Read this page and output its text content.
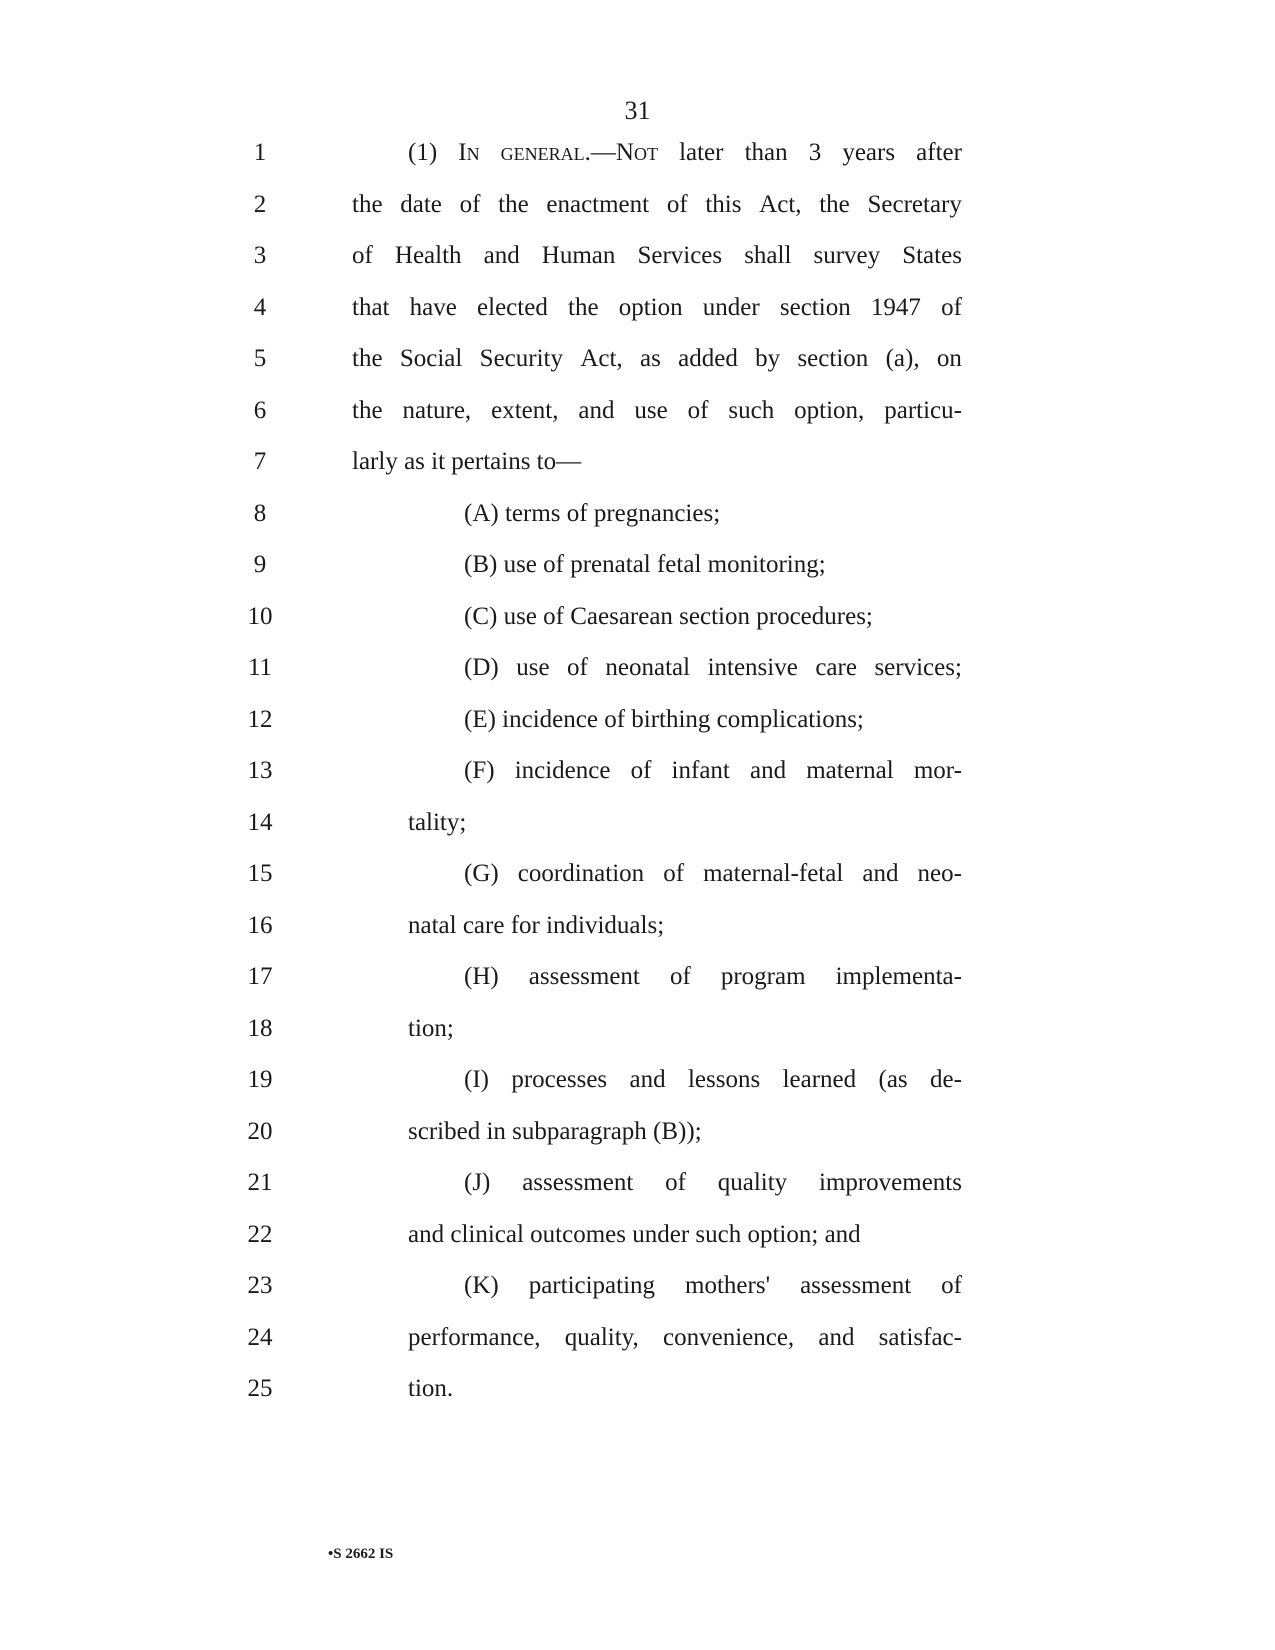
31
1	(1) In general.—Not later than 3 years after
2	the date of the enactment of this Act, the Secretary
3	of Health and Human Services shall survey States
4	that have elected the option under section 1947 of
5	the Social Security Act, as added by section (a), on
6	the nature, extent, and use of such option, particu-
7	larly as it pertains to—
8	(A) terms of pregnancies;
9	(B) use of prenatal fetal monitoring;
10	(C) use of Caesarean section procedures;
11	(D) use of neonatal intensive care services;
12	(E) incidence of birthing complications;
13	(F) incidence of infant and maternal mor-
14	tality;
15	(G) coordination of maternal-fetal and neo-
16	natal care for individuals;
17	(H) assessment of program implementa-
18	tion;
19	(I) processes and lessons learned (as de-
20	scribed in subparagraph (B));
21	(J) assessment of quality improvements
22	and clinical outcomes under such option; and
23	(K) participating mothers' assessment of
24	performance, quality, convenience, and satisfac-
25	tion.
•S 2662 IS
